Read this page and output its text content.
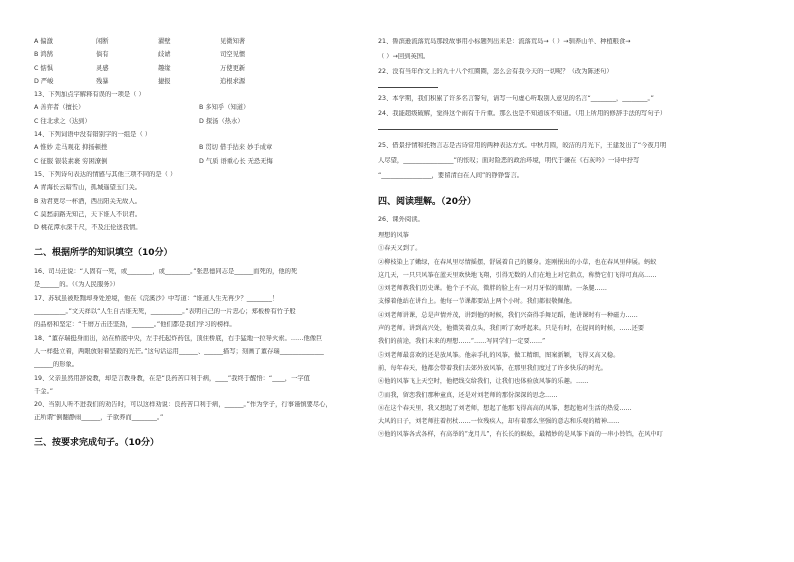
A 偏激	闲断	濯壁	见微知著
B 鸿鹄	倘有	歧谑	司空见惯
C 惦惧	灵感	趣缘	万使更新
D 严峻	残暴	捷报	追根求源
13、下列加点字解释有误的一项是（ ）
A 善弈者（擅长）	B 多知乎（知道）
C 往北求之（达到）	D 探汤（热水）
14、下列词语中没有错别字的一组是（ ）
A 惟妙 走马观花 抑扬顿挫	B 贯切 借手拈来 妙手成章
C 征服 银装素裹 穷困潦倒	D 气质 语重心长 无恐无悔
15、下列诗句表达的情感与其他三项不同的是（ ）
A 青海长云暗雪山，孤城遥望玉门关。
B 劝君更尽一杯酒，西出阳关无故人。
C 莫愁前路无知己，天下谁人不识君。
D 桃花潭水深千尺，不及汪伦送我情。
二、根据所学的知识填空（10分）
16、司马迁说：“人固有一死，或________，或________。”张思德同志是______而死的，他的死
是______的。（《为人民服务》）
17、苏轼虽被贬黜却身处逆境，他在《浣溪沙》中写道：“谁道人生无再少？________！
__________。”文天祥以“人生自古谁无死，__________。”表明自己的一片忠心；郑板桥有竹子般
的品格和坚定：“千磨万击还坚劲，_______。”他们都是我们学习的榜样。
18、“董存瑞挺身而出，站在桥底中央，左手托起炸药包，顶住桥底，右手猛地一拉导火索。……他像巨
人一样挺立着，两眼放射着坚毅的光芒。”这句话运用______、______描写；刻画了董存瑞______________
______的形象。
19、父亲虽然用辞说教，却是言教身教，在是“良药苦口利于病，____”我终于醒悟：“____，一字值
千金。”
20、当别人听不进我们的劝告时，可以这样劝说：良药苦口利于病，______。”作为学子，行事谨慎要尽心，
正所谓“倒翻静雨______，子欲养而________。”
三、按要求完成句子。（10分）
21、鲁滨逊流落荒岛那段故事用小标题列出来是：流落荒岛→（ ）→驯养山羊、种植粮食→
（ ）→回到英国。
22、没有当年作文上的九十八个红圈圈，怎么会有我今天的一切呢？（改为陈述句）
23、本学期，我们积累了许多名言警句，请写一句虚心听取别人意见的名言“________，________。”
24、我能超级破解，觉得这个雨有千斤重。那么也是不知道该不知道。（用上所用的修辞手法的写句子）
25、借景抒情和托物言志是古诗常用的两种表达方式。中秋月圆，皎洁的月光下，王建发出了“今夜月明
人尽望，________________”的怅叹；面对险恶的政治环境，明代于谦在《石灰吟》一诗中抒写
“________________，要留清白在人间”的铮铮誓言。
四、阅读理解。（20分）
26、课外阅读。
理想的风筝
①春天又到了。
②柳枝染上了嫩绿，在春风里尽情摇摆，舒展着自己的腰身。连刚抿出的小草，也在春风里伸展。蚂蚁
这几天，一只只风筝在蓝天里欢快地飞翔，引得无数的人们在地上对它指点，称赞它们飞得可真高……
③刘老师教我们历史课。他个子不高，微胖的脸上有一对月牙似的眼睛。一条腿……
支撑着他站在讲台上。他每一节课都要站上两个小时。我们都很敬佩他。
④刘老师讲课，总是声情并茂，讲到他的时候，我们兴奋得手舞足蹈，他讲课时有一种磁力……
声的老师。讲到高兴处，他微笑着点头，我们听了欢呼起来。只是有时，在提问的时候，……还要
我们的前途，我们未来的理想……“……写同学们一定要……”
⑤刘老师最喜欢的还是放风筝。他亲手扎的风筝，做工精细，图案新颖，飞得又高又稳。
前，每年春天，他都会带着我们去郊外放风筝，在那里我们度过了许多快乐的时光。
⑥他的风筝飞上天空时，他把线交给我们，让我们也体验放风筝的乐趣。……
⑦而我，留恋我们那种童真，还是对刘老师的那份深深的思念……
⑧在这个春天里，我又想起了刘老师，想起了他那飞得高高的风筝，想起他对生活的热爱……
大风的日子，刘老师拄着拐杖……一位残疾人，却有着那么坚强的意志和乐观的精神……
⑨他的风筝各式各样，有高举的“龙月儿”，有长长的蜈蚣，最精妙的是风筝下面的一串小铃铛，在风中叮
